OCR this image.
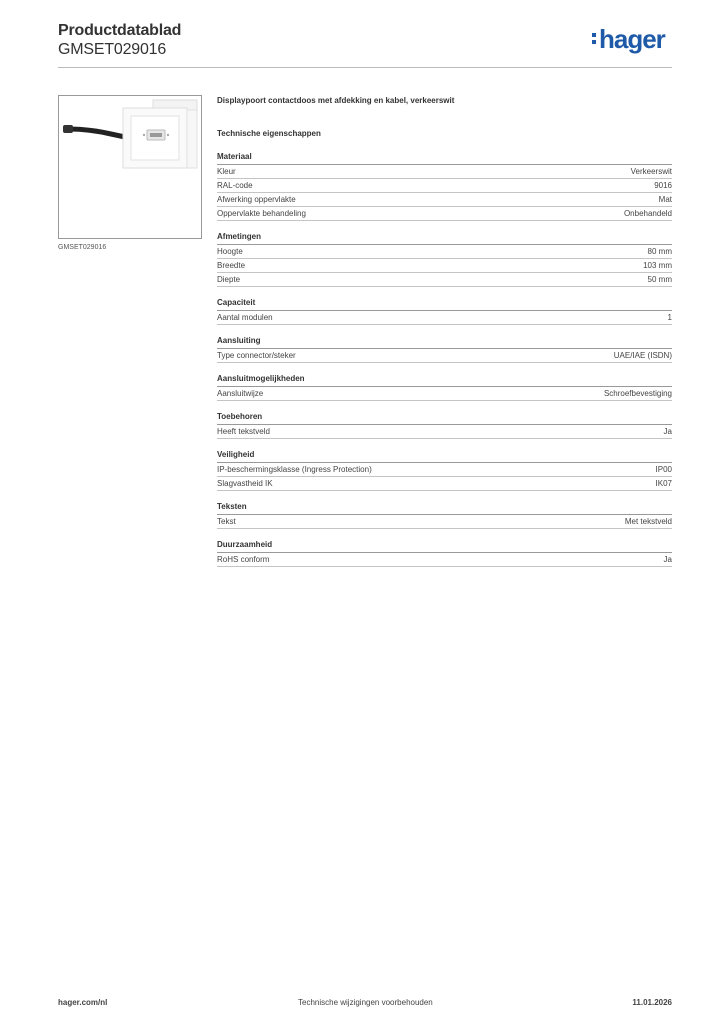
Productdatablad
GMSET029016	hager
GMSET029016
Displaypoort contactdoos met afdekking en kabel, verkeerswit
Technische eigenschappen
Materiaal
Kleur	Verkeerswit
RAL-code	9016
Afwerking oppervlakte	Mat
Oppervlakte behandeling	Onbehandeld
Afmetingen
Hoogte	80 mm
Breedte	103 mm
Diepte	50 mm
Capaciteit
Aantal modulen	1
Aansluiting
Type connector/steker	UAE/IAE (ISDN)
Aansluitmogelijkheden
Aansluitwijze	Schroefbevestiging
Toebehoren
Heeft tekstveld	Ja
Veiligheid
IP-beschermingsklasse (Ingress Protection)	IP00
Slagvastheid IK	IK07
Teksten
Tekst	Met tekstveld
Duurzaamheid
RoHS conform	Ja
hager.com/nl	Technische wijzigingen voorbehouden	11.01.2026
